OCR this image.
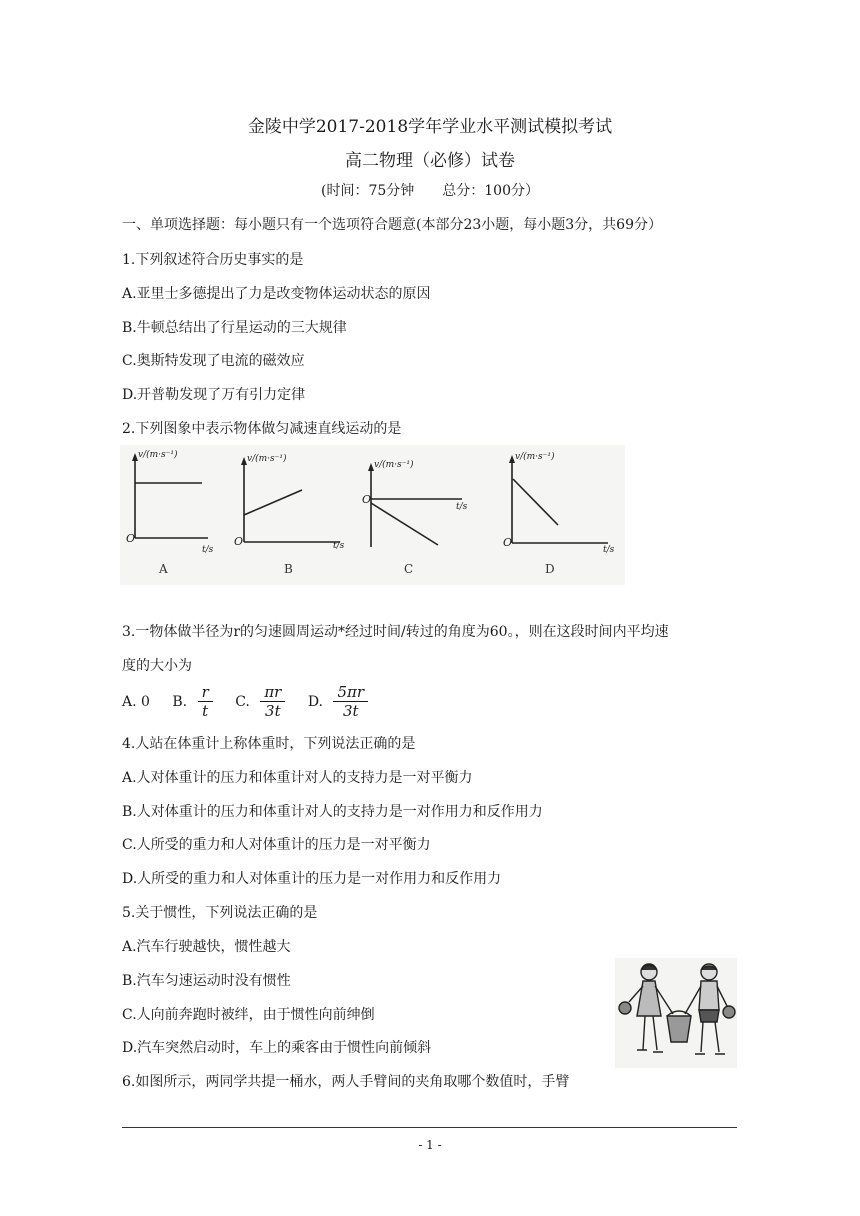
金陵中学2017-2018学年学业水平测试模拟考试
高二物理（必修）试卷
(时间：75分钟　　总分：100分）
一、单项选择题：每小题只有一个选项符合题意(本部分23小题，每小题3分，共69分）
1.下列叙述符合历史事实的是
A.亚里士多德提出了力是改变物体运动状态的原因
B.牛顿总结出了行星运动的三大规律
C.奥斯特发现了电流的磁效应
D.开普勒发现了万有引力定律
2.下列图象中表示物体做匀减速直线运动的是
v/(m·s⁻¹)	v/(m·s⁻¹)
v/(m·s⁻¹)
v/(m·s⁻¹)
t/s	t/s
t/s
t/s
O	O
O
O
A	B	C	D
3.一物体做半径为r的匀速圆周运动*经过时间/转过的角度为60。，则在这段时间内平均速
度的大小为
A. 0 B. $\frac{r}{t} C$. $\frac{\pi r}{3t} D$. $\frac{5\pi r}{3t}$
4.人站在体重计上称体重时，下列说法正确的是
A.人对体重计的压力和体重计对人的支持力是一对平衡力
B.人对体重计的压力和体重计对人的支持力是一对作用力和反作用力
C.人所受的重力和人对体重计的压力是一对平衡力
D.人所受的重力和人对体重计的压力是一对作用力和反作用力
5.关于惯性，下列说法正确的是
A.汽车行驶越快，惯性越大
B.汽车匀速运动时没有惯性
C.人向前奔跑时被绊，由于惯性向前绅倒
D.汽车突然启动时，车上的乘客由于惯性向前倾斜
6.如图所示，两同学共提一桶水，两人手臂间的夹角取哪个数值时，手臂
- 1 -
